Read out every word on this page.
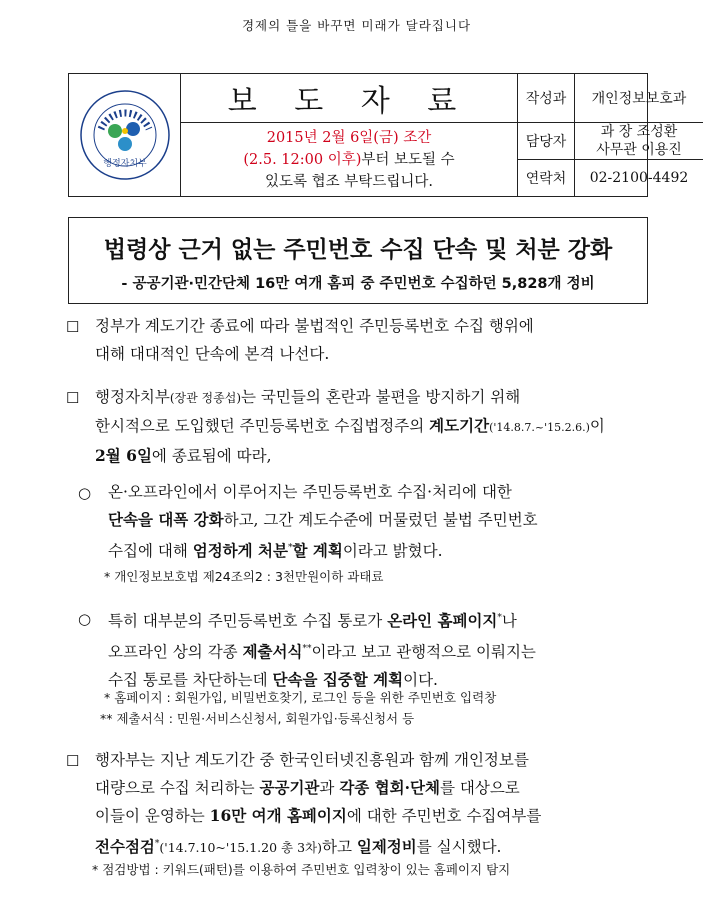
경제의 틀을 바꾸면 미래가 달라집니다
행정자치부
보 도 자 료
2015년 2월 6일(금) 조간
(2.5. 12:00 이후)부터 보도될 수
있도록 협조 부탁드립니다.
작성과	개인정보보호과
담당자
과 장 조성환
사무관 이용진
연락처	02-2100-4492
법령상 근거 없는 주민번호 수집 단속 및 처분 강화
- 공공기관·민간단체 16만 여개 홈피 중 주민번호 수집하던 5,828개 정비
☐ 정부가 계도기간 종료에 따라 불법적인 주민등록번호 수집 행위에
대해 대대적인 단속에 본격 나선다.
☐ 행정자치부(장관 정종섭)는 국민들의 혼란과 불편을 방지하기 위해
한시적으로 도입했던 주민등록번호 수집법정주의 계도기간('14.8.7.~'15.2.6.)이
2월 6일에 종료됨에 따라,
○ 온·오프라인에서 이루어지는 주민등록번호 수집·처리에 대한
단속을 대폭 강화하고, 그간 계도수준에 머물렀던 불법 주민번호
수집에 대해 엄정하게 처분*할 계획이라고 밝혔다.
* 개인정보보호법 제24조의2 : 3천만원이하 과태료
○ 특히 대부분의 주민등록번호 수집 통로가 온라인 홈페이지*나
오프라인 상의 각종 제출서식**이라고 보고 관행적으로 이뤄지는
수집 통로를 차단하는데 단속을 집중할 계획이다.
* 홈페이지 : 회원가입, 비밀번호찾기, 로그인 등을 위한 주민번호 입력창
** 제출서식 : 민원·서비스신청서, 회원가입·등록신청서 등
☐ 행자부는 지난 계도기간 중 한국인터넷진흥원과 함께 개인정보를
대량으로 수집 처리하는 공공기관과 각종 협회·단체를 대상으로
이들이 운영하는 16만 여개 홈페이지에 대한 주민번호 수집여부를
전수점검*('14.7.10~'15.1.20 총 3차)하고 일제정비를 실시했다.
* 점검방법 : 키워드(패턴)를 이용하여 주민번호 입력창이 있는 홈페이지 탐지
